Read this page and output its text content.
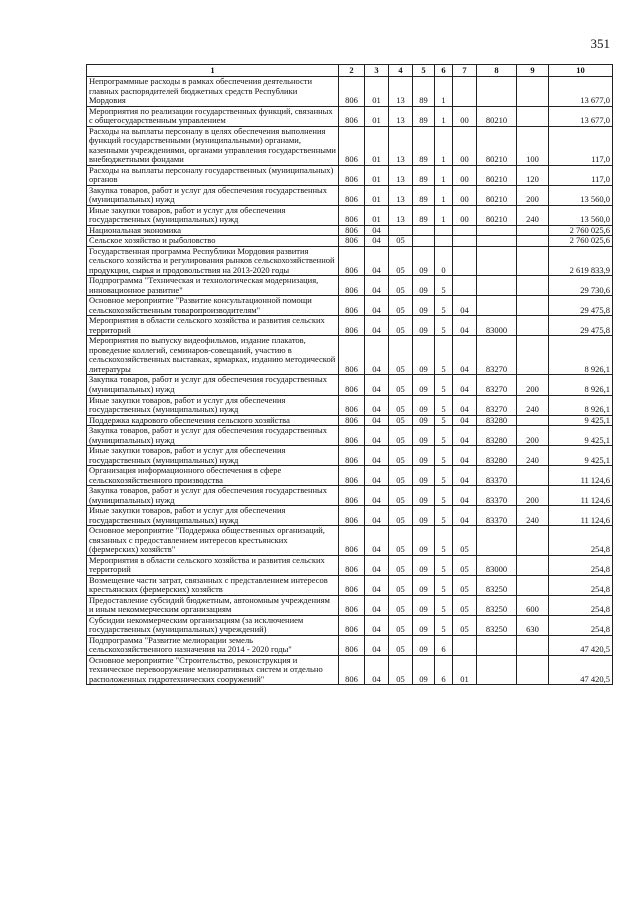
351
1	2	3	4	5	6	7	8	9	10
Непрограммные расходы в рамках обеспечения деятельности главных распорядителей бюджетных средств Республики Мордовия	806	01	13	89	1				13 677,0
Мероприятия по реализации государственных функций, связанных с общегосударственным управлением	806	01	13	89	1	00	80210		13 677,0
Расходы на выплаты персоналу в целях обеспечения выполнения функций государственными (муниципальными) органами, казенными учреждениями, органами управления государственными внебюджетными фондами	806	01	13	89	1	00	80210	100	117,0
Расходы на выплаты персоналу государственных (муниципальных) органов	806	01	13	89	1	00	80210	120	117,0
Закупка товаров, работ и услуг для обеспечения государственных (муниципальных) нужд	806	01	13	89	1	00	80210	200	13 560,0
Иные закупки товаров, работ и услуг для обеспечения государственных (муниципальных) нужд	806	01	13	89	1	00	80210	240	13 560,0
Национальная экономика	806	04							2 760 025,6
Сельское хозяйство и рыболовство	806	04	05						2 760 025,6
Государственная программа Республики Мордовия развития сельского хозяйства и регулирования рынков сельскохозяйственной продукции, сырья и продовольствия на 2013-2020 годы	806	04	05	09	0				2 619 833,9
Подпрограмма "Техническая и технологическая модернизация, инновационное развитие"	806	04	05	09	5				29 730,6
Основное мероприятие "Развитие консультационной помощи сельскохозяйственным товаропроизводителям"	806	04	05	09	5	04			29 475,8
Мероприятия в области сельского хозяйства и развития сельских территорий	806	04	05	09	5	04	83000		29 475,8
Мероприятия по выпуску видеофильмов, издание плакатов, проведение коллегий, семинаров-совещаний, участию в сельскохозяйственных выставках, ярмарках, изданию методической литературы	806	04	05	09	5	04	83270		8 926,1
Закупка товаров, работ и услуг для обеспечения государственных (муниципальных) нужд	806	04	05	09	5	04	83270	200	8 926,1
Иные закупки товаров, работ и услуг для обеспечения государственных (муниципальных) нужд	806	04	05	09	5	04	83270	240	8 926,1
Поддержка кадрового обеспечения сельского хозяйства	806	04	05	09	5	04	83280		9 425,1
Закупка товаров, работ и услуг для обеспечения государственных (муниципальных) нужд	806	04	05	09	5	04	83280	200	9 425,1
Иные закупки товаров, работ и услуг для обеспечения государственных (муниципальных) нужд	806	04	05	09	5	04	83280	240	9 425,1
Организация информационного обеспечения в сфере сельскохозяйственного производства	806	04	05	09	5	04	83370		11 124,6
Закупка товаров, работ и услуг для обеспечения государственных (муниципальных) нужд	806	04	05	09	5	04	83370	200	11 124,6
Иные закупки товаров, работ и услуг для обеспечения государственных (муниципальных) нужд	806	04	05	09	5	04	83370	240	11 124,6
Основное мероприятие "Поддержка общественных организаций, связанных с предоставлением интересов крестьянских (фермерских) хозяйств"	806	04	05	09	5	05			254,8
Мероприятия в области сельского хозяйства и развития сельских территорий	806	04	05	09	5	05	83000		254,8
Возмещение части затрат, связанных с представлением интересов крестьянских (фермерских) хозяйств	806	04	05	09	5	05	83250		254,8
Предоставление субсидий бюджетным, автономным учреждениям и иным некоммерческим организациям	806	04	05	09	5	05	83250	600	254,8
Субсидии некоммерческим организациям (за исключением государственных (муниципальных) учреждений)	806	04	05	09	5	05	83250	630	254,8
Подпрограмма "Развитие мелиорации земель сельскохозяйственного назначения на 2014 - 2020 годы"	806	04	05	09	6				47 420,5
Основное мероприятие "Строительство, реконструкция и техническое перевооружение мелиоративных систем и отдельно расположенных гидротехнических сооружений"	806	04	05	09	6	01			47 420,5
